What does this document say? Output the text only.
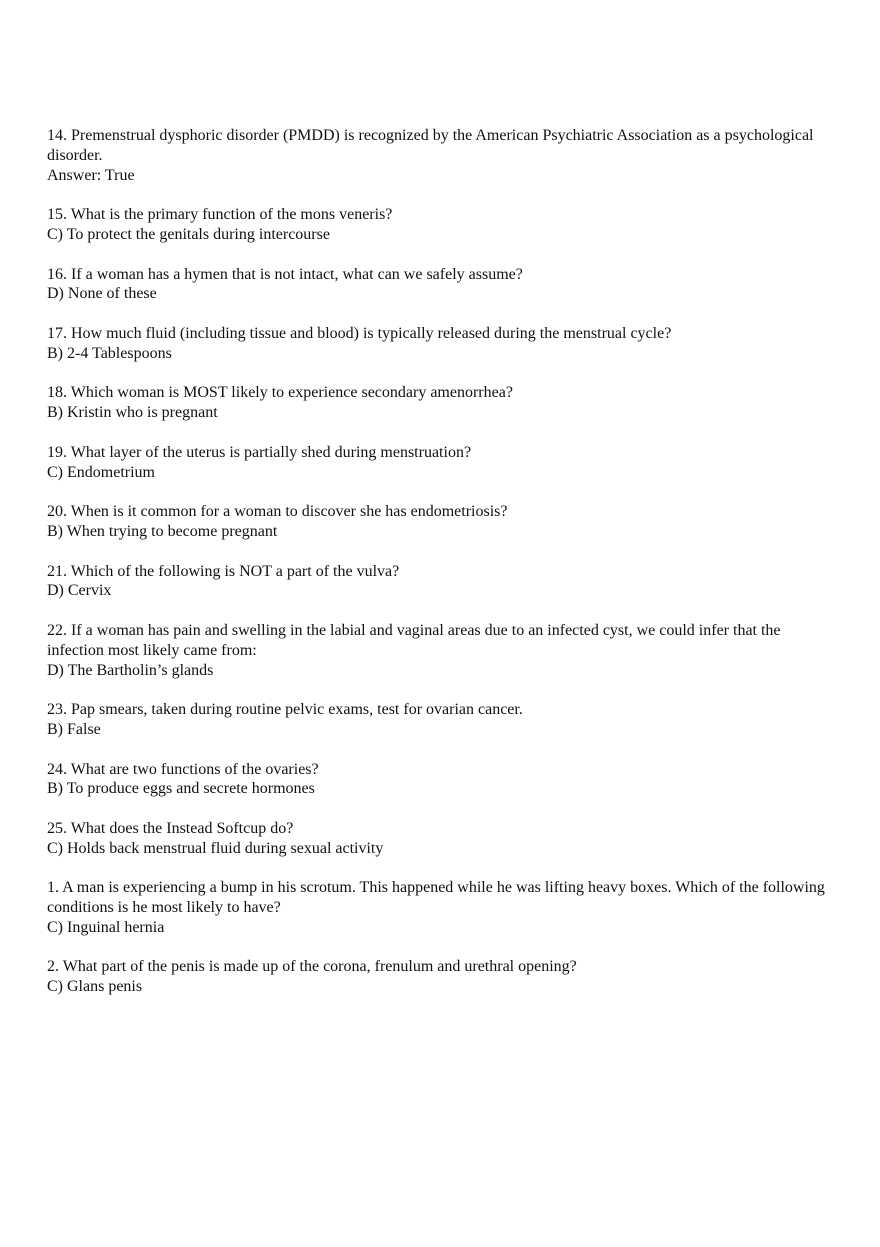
14. Premenstrual dysphoric disorder (PMDD) is recognized by the American Psychiatric Association as a psychological disorder.

Answer: True

15. What is the primary function of the mons veneris?

C) To protect the genitals during intercourse

16. If a woman has a hymen that is not intact, what can we safely assume?

D) None of these

17. How much fluid (including tissue and blood) is typically released during the menstrual cycle?

B) 2-4 Tablespoons

18. Which woman is MOST likely to experience secondary amenorrhea?

B) Kristin who is pregnant

19. What layer of the uterus is partially shed during menstruation?

C) Endometrium

20. When is it common for a woman to discover she has endometriosis?

B) When trying to become pregnant

21. Which of the following is NOT a part of the vulva?

D) Cervix

22. If a woman has pain and swelling in the labial and vaginal areas due to an infected cyst, we could infer that the infection most likely came from:

D) The Bartholin’s glands

23. Pap smears, taken during routine pelvic exams, test for ovarian cancer.

B) False

24. What are two functions of the ovaries?

B) To produce eggs and secrete hormones

25. What does the Instead Softcup do?

C) Holds back menstrual fluid during sexual activity

1. A man is experiencing a bump in his scrotum. This happened while he was lifting heavy boxes. Which of the following conditions is he most likely to have?

C) Inguinal hernia

2. What part of the penis is made up of the corona, frenulum and urethral opening?

C) Glans penis
